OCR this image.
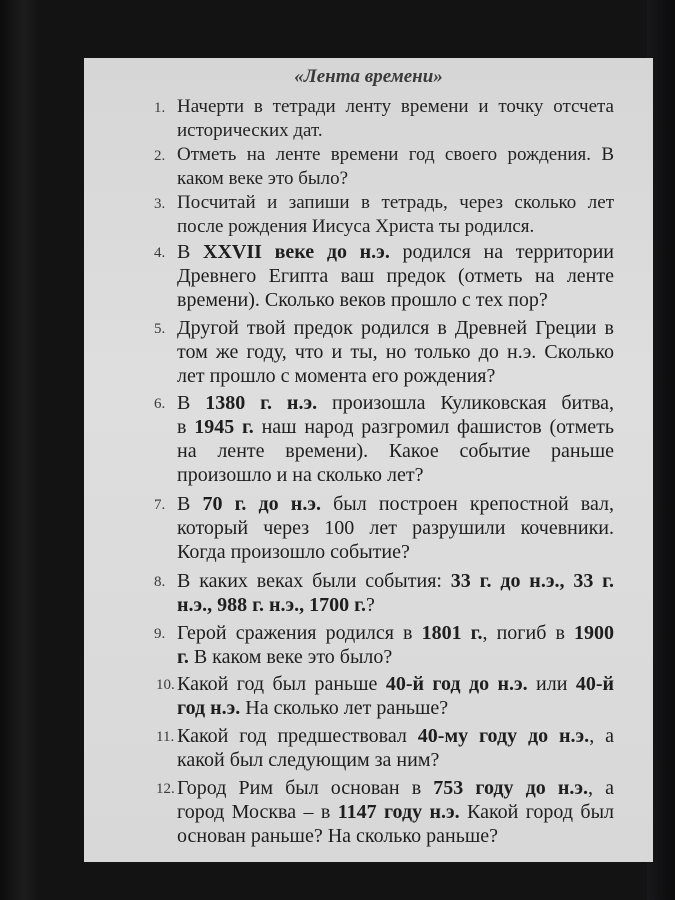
«Лента времени»
1. Начерти в тетради ленту времени и точку отсчета
исторических дат.
2. Отметь на ленте времени год своего рождения. В
каком веке это было?
3. Посчитай и запиши в тетрадь, через сколько лет
после рождения Иисуса Христа ты родился.
4. В XXVII веке до н.э. родился на территории
Древнего Египта ваш предок (отметь на ленте
времени). Сколько веков прошло с тех пор?
5. Другой твой предок родился в Древней Греции в
том же году, что и ты, но только до н.э. Сколько
лет прошло с момента его рождения?
6. В 1380 г. н.э. произошла Куликовская битва,
в 1945 г. наш народ разгромил фашистов (отметь
на ленте времени). Какое событие раньше
произошло и на сколько лет?
7. В 70 г. до н.э. был построен крепостной вал,
который через 100 лет разрушили кочевники.
Когда произошло событие?
8. В каких веках были события: 33 г. до н.э., 33 г.
н.э., 988 г. н.э., 1700 г.?
9. Герой сражения родился в 1801 г., погиб в 1900
г. В каком веке это было?
10. Какой год был раньше 40-й год до н.э. или 40-й
год н.э. На сколько лет раньше?
11. Какой год предшествовал 40-му году до н.э., а
какой был следующим за ним?
12. Город Рим был основан в 753 году до н.э., а
город Москва – в 1147 году н.э. Какой город был
основан раньше? На сколько раньше?
